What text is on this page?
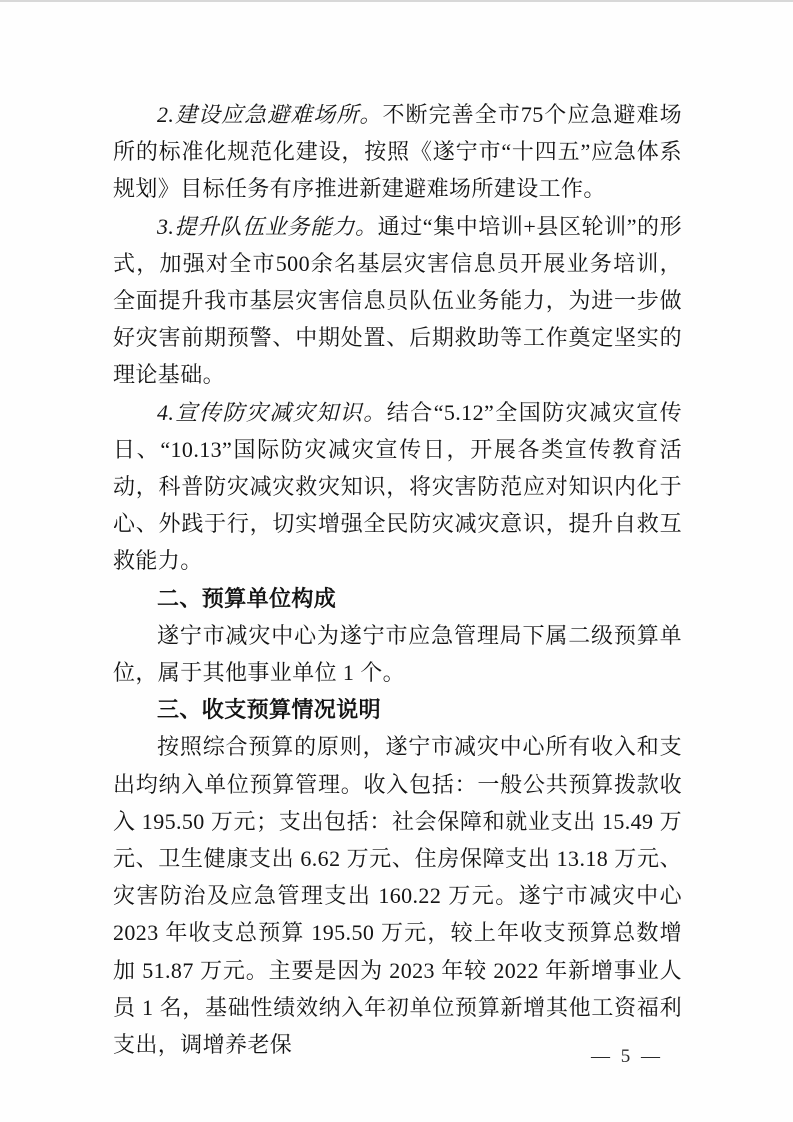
2.建设应急避难场所。不断完善全市75个应急避难场所的标准化规范化建设，按照《遂宁市“十四五”应急体系规划》目标任务有序推进新建避难场所建设工作。

3.提升队伍业务能力。通过“集中培训+县区轮训”的形式，加强对全市500余名基层灾害信息员开展业务培训，全面提升我市基层灾害信息员队伍业务能力，为进一步做好灾害前期预警、中期处置、后期救助等工作奠定坚实的理论基础。

4.宣传防灾减灾知识。结合“5.12”全国防灾减灾宣传日、“10.13”国际防灾减灾宣传日，开展各类宣传教育活动，科普防灾减灾救灾知识，将灾害防范应对知识内化于心、外践于行，切实增强全民防灾减灾意识，提升自救互救能力。

二、预算单位构成

遂宁市减灾中心为遂宁市应急管理局下属二级预算单位，属于其他事业单位 1 个。

三、收支预算情况说明

按照综合预算的原则，遂宁市减灾中心所有收入和支出均纳入单位预算管理。收入包括：一般公共预算拨款收入 195.50 万元；支出包括：社会保障和就业支出 15.49 万元、卫生健康支出 6.62 万元、住房保障支出 13.18 万元、灾害防治及应急管理支出 160.22 万元。遂宁市减灾中心 2023 年收支总预算 195.50 万元，较上年收支预算总数增加 51.87 万元。主要是因为 2023 年较 2022 年新增事业人员 1 名，基础性绩效纳入年初单位预算新增其他工资福利支出，调增养老保	— 5 —
